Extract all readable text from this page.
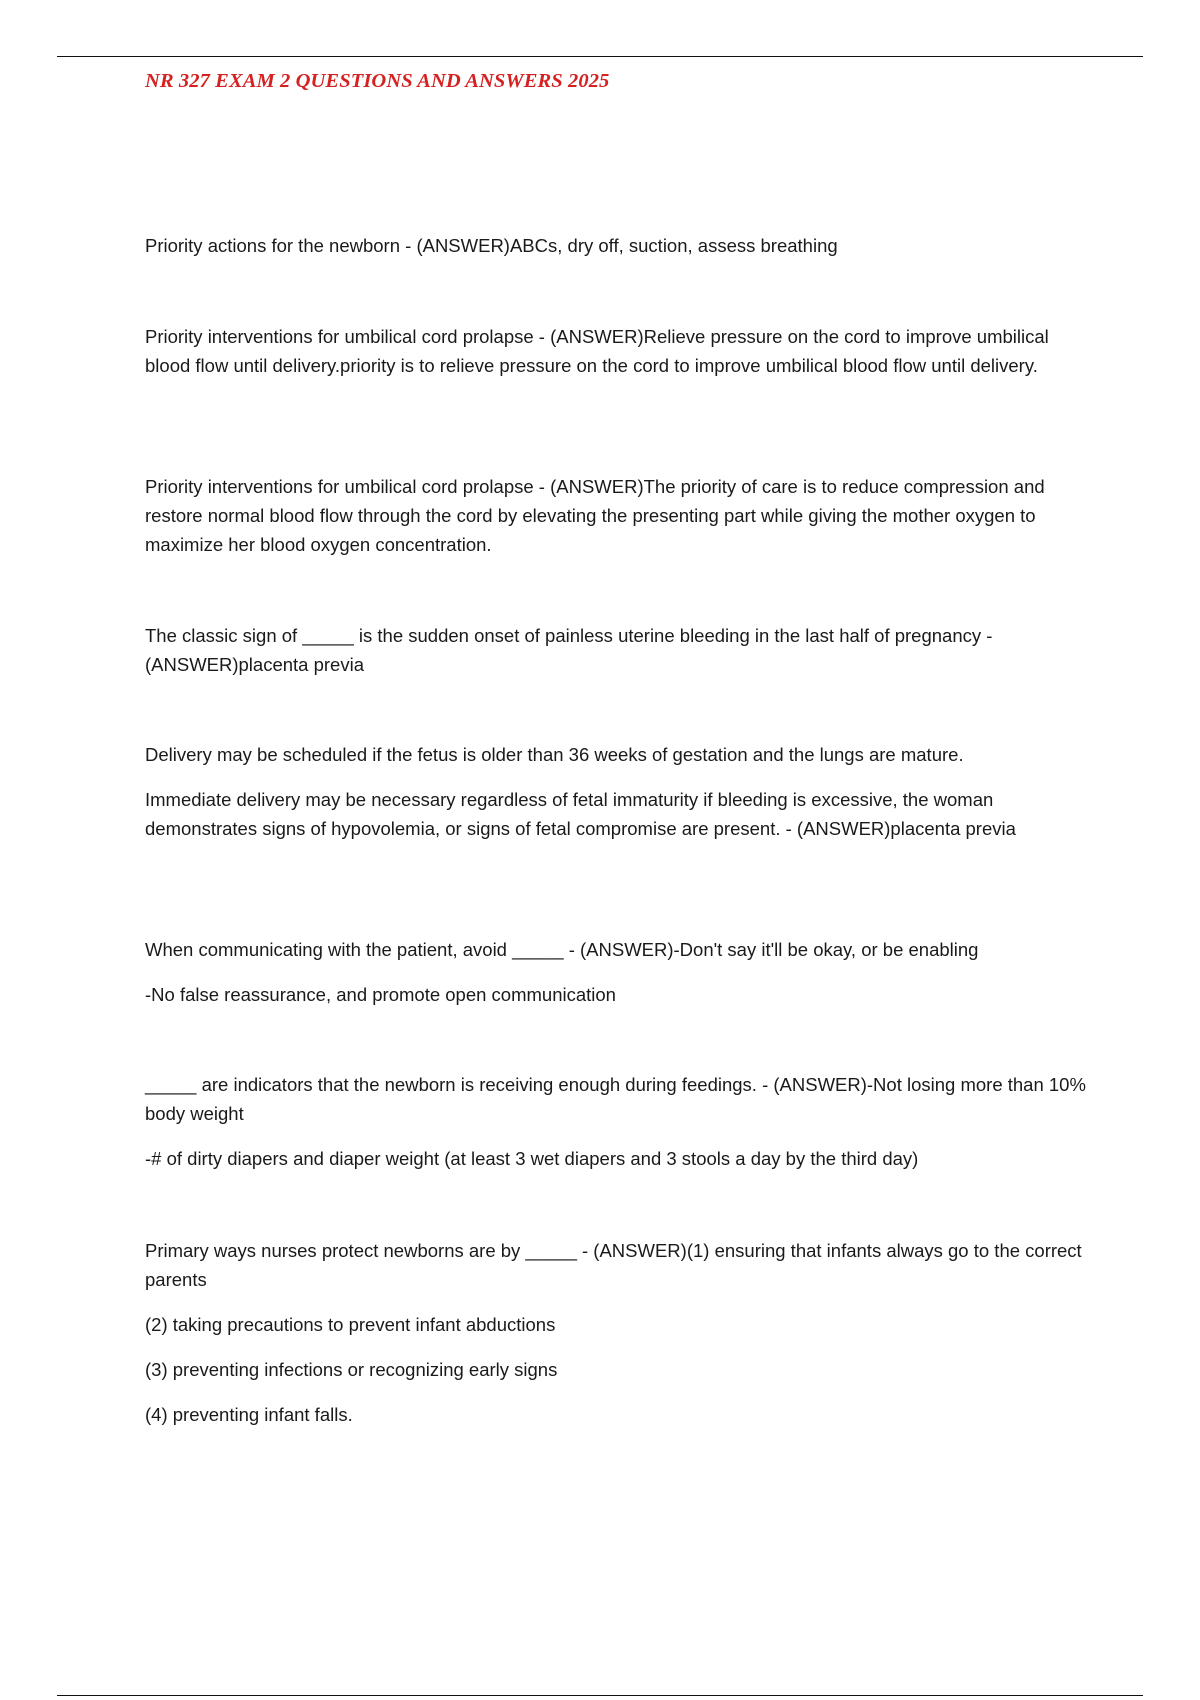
NR 327 EXAM 2 QUESTIONS AND ANSWERS 2025

Priority actions for the newborn - (ANSWER)ABCs, dry off, suction, assess breathing

Priority interventions for umbilical cord prolapse - (ANSWER)Relieve pressure on the cord to improve umbilical blood flow until delivery.priority is to relieve pressure on the cord to improve umbilical blood flow until delivery.

Priority interventions for umbilical cord prolapse - (ANSWER)The priority of care is to reduce compression and restore normal blood flow through the cord by elevating the presenting part while giving the mother oxygen to maximize her blood oxygen concentration.

The classic sign of _____ is the sudden onset of painless uterine bleeding in the last half of pregnancy - (ANSWER)placenta previa

Delivery may be scheduled if the fetus is older than 36 weeks of gestation and the lungs are mature.

Immediate delivery may be necessary regardless of fetal immaturity if bleeding is excessive, the woman demonstrates signs of hypovolemia, or signs of fetal compromise are present. - (ANSWER)placenta previa

When communicating with the patient, avoid _____ - (ANSWER)-Don't say it'll be okay, or be enabling

-No false reassurance, and promote open communication

_____ are indicators that the newborn is receiving enough during feedings. - (ANSWER)-Not losing more than 10% body weight

-# of dirty diapers and diaper weight (at least 3 wet diapers and 3 stools a day by the third day)

Primary ways nurses protect newborns are by _____ - (ANSWER)(1) ensuring that infants always go to the correct parents

(2) taking precautions to prevent infant abductions

(3) preventing infections or recognizing early signs

(4) preventing infant falls.
